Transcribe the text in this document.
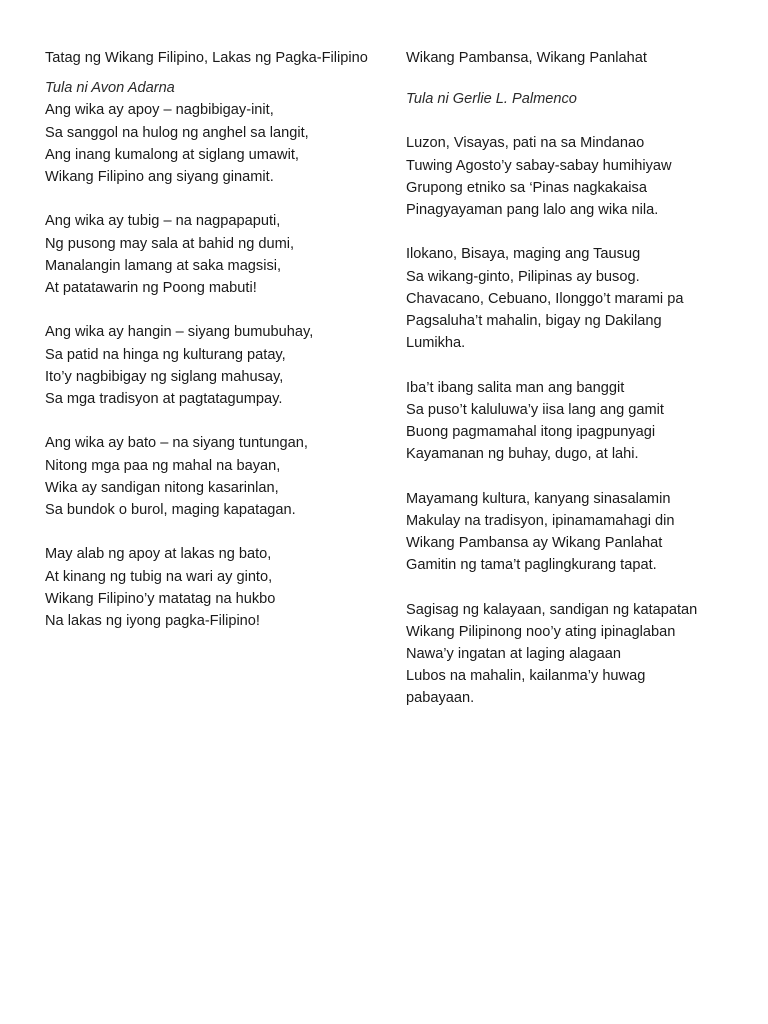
Tatag ng Wikang Filipino, Lakas ng Pagka-Filipino

Tula ni Avon Adarna

Ang wika ay apoy – nagbibigay-init,
Sa sanggol na hulog ng anghel sa langit,
Ang inang kumalong at siglang umawit,
Wikang Filipino ang siyang ginamit.
Ang wika ay tubig – na nagpapaputi,
Ng pusong may sala at bahid ng dumi,
Manalangin lamang at saka magsisi,
At patatawarin ng Poong mabuti!
Ang wika ay hangin – siyang bumubuhay,
Sa patid na hinga ng kulturang patay,
Ito’y nagbibigay ng siglang mahusay,
Sa mga tradisyon at pagtatagumpay.
Ang wika ay bato – na siyang tuntungan,
Nitong mga paa ng mahal na bayan,
Wika ay sandigan nitong kasarinlan,
Sa bundok o burol, maging kapatagan.
May alab ng apoy at lakas ng bato,
At kinang ng tubig na wari ay ginto,
Wikang Filipino’y matatag na hukbo
Na lakas ng iyong pagka-Filipino!
Wikang Pambansa, Wikang Panlahat

Tula ni Gerlie L. Palmenco

Luzon, Visayas, pati na sa Mindanao
Tuwing Agosto’y sabay-sabay humihiyaw
Grupong etniko sa ‘Pinas nagkakaisa
Pinagyayaman pang lalo ang wika nila.
Ilokano, Bisaya, maging ang Tausug
Sa wikang-ginto, Pilipinas ay busog.
Chavacano, Cebuano, Ilonggo’t marami pa
Pagsaluha’t mahalin, bigay ng Dakilang Lumikha.
Iba’t ibang salita man ang banggit
Sa puso’t kaluluwa’y iisa lang ang gamit
Buong pagmamahal itong ipagpunyagi
Kayamanan ng buhay, dugo, at lahi.
Mayamang kultura, kanyang sinasalamin
Makulay na tradisyon, ipinamamahagi din
Wikang Pambansa ay Wikang Panlahat
Gamitin ng tama’t paglingkurang tapat.
Sagisag ng kalayaan, sandigan ng katapatan
Wikang Pilipinong noo’y ating ipinaglaban
Nawa’y ingatan at laging alagaan
Lubos na mahalin, kailanma’y huwag pabayaan.
